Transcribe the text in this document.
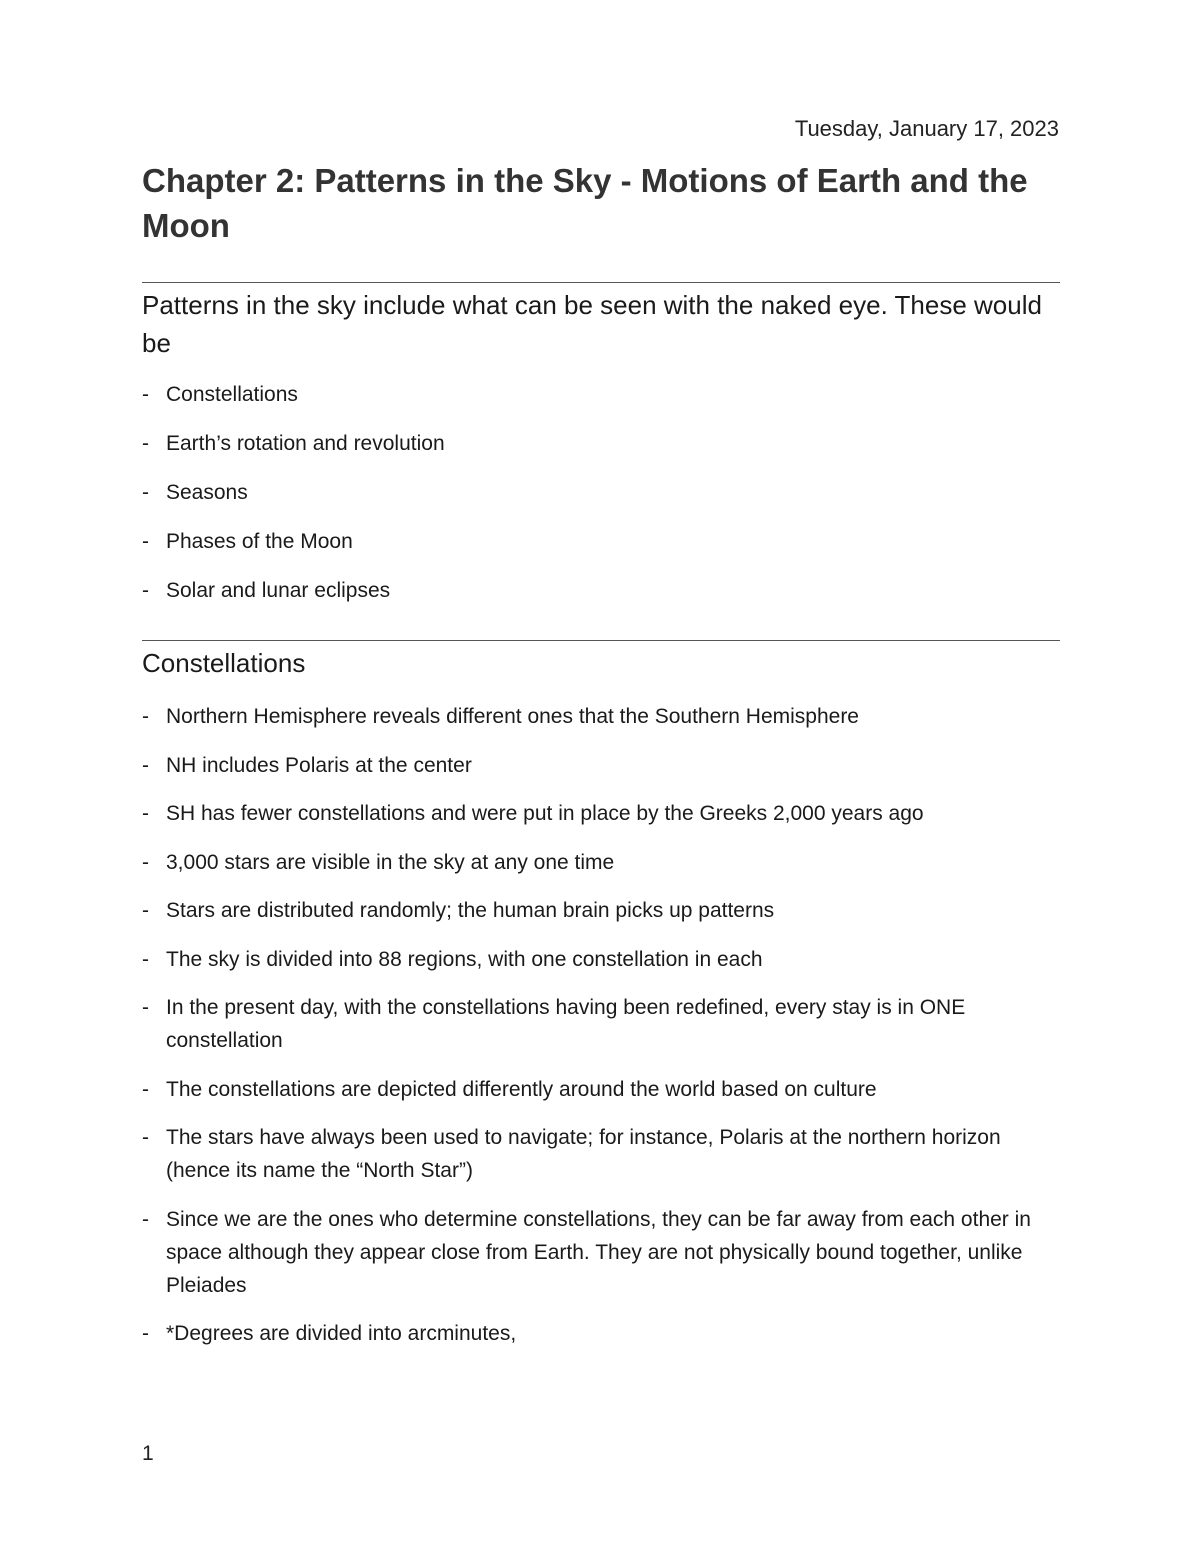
Tuesday, January 17, 2023
Chapter 2: Patterns in the Sky - Motions of Earth and the Moon

Patterns in the sky include what can be seen with the naked eye. These would be

- Constellations
- Earth’s rotation and revolution
- Seasons
- Phases of the Moon
- Solar and lunar eclipses
Constellations
- Northern Hemisphere reveals different ones that the Southern Hemisphere
- NH includes Polaris at the center
- SH has fewer constellations and were put in place by the Greeks 2,000 years ago
- 3,000 stars are visible in the sky at any one time
- Stars are distributed randomly; the human brain picks up patterns
- The sky is divided into 88 regions, with one constellation in each
- In the present day, with the constellations having been redefined, every stay is in ONE constellation
- The constellations are depicted differently around the world based on culture
- The stars have always been used to navigate; for instance, Polaris at the northern horizon (hence its name the “North Star”)
- Since we are the ones who determine constellations, they can be far away from each other in space although they appear close from Earth. They are not physically bound together, unlike Pleiades
- *Degrees are divided into arcminutes,
1
